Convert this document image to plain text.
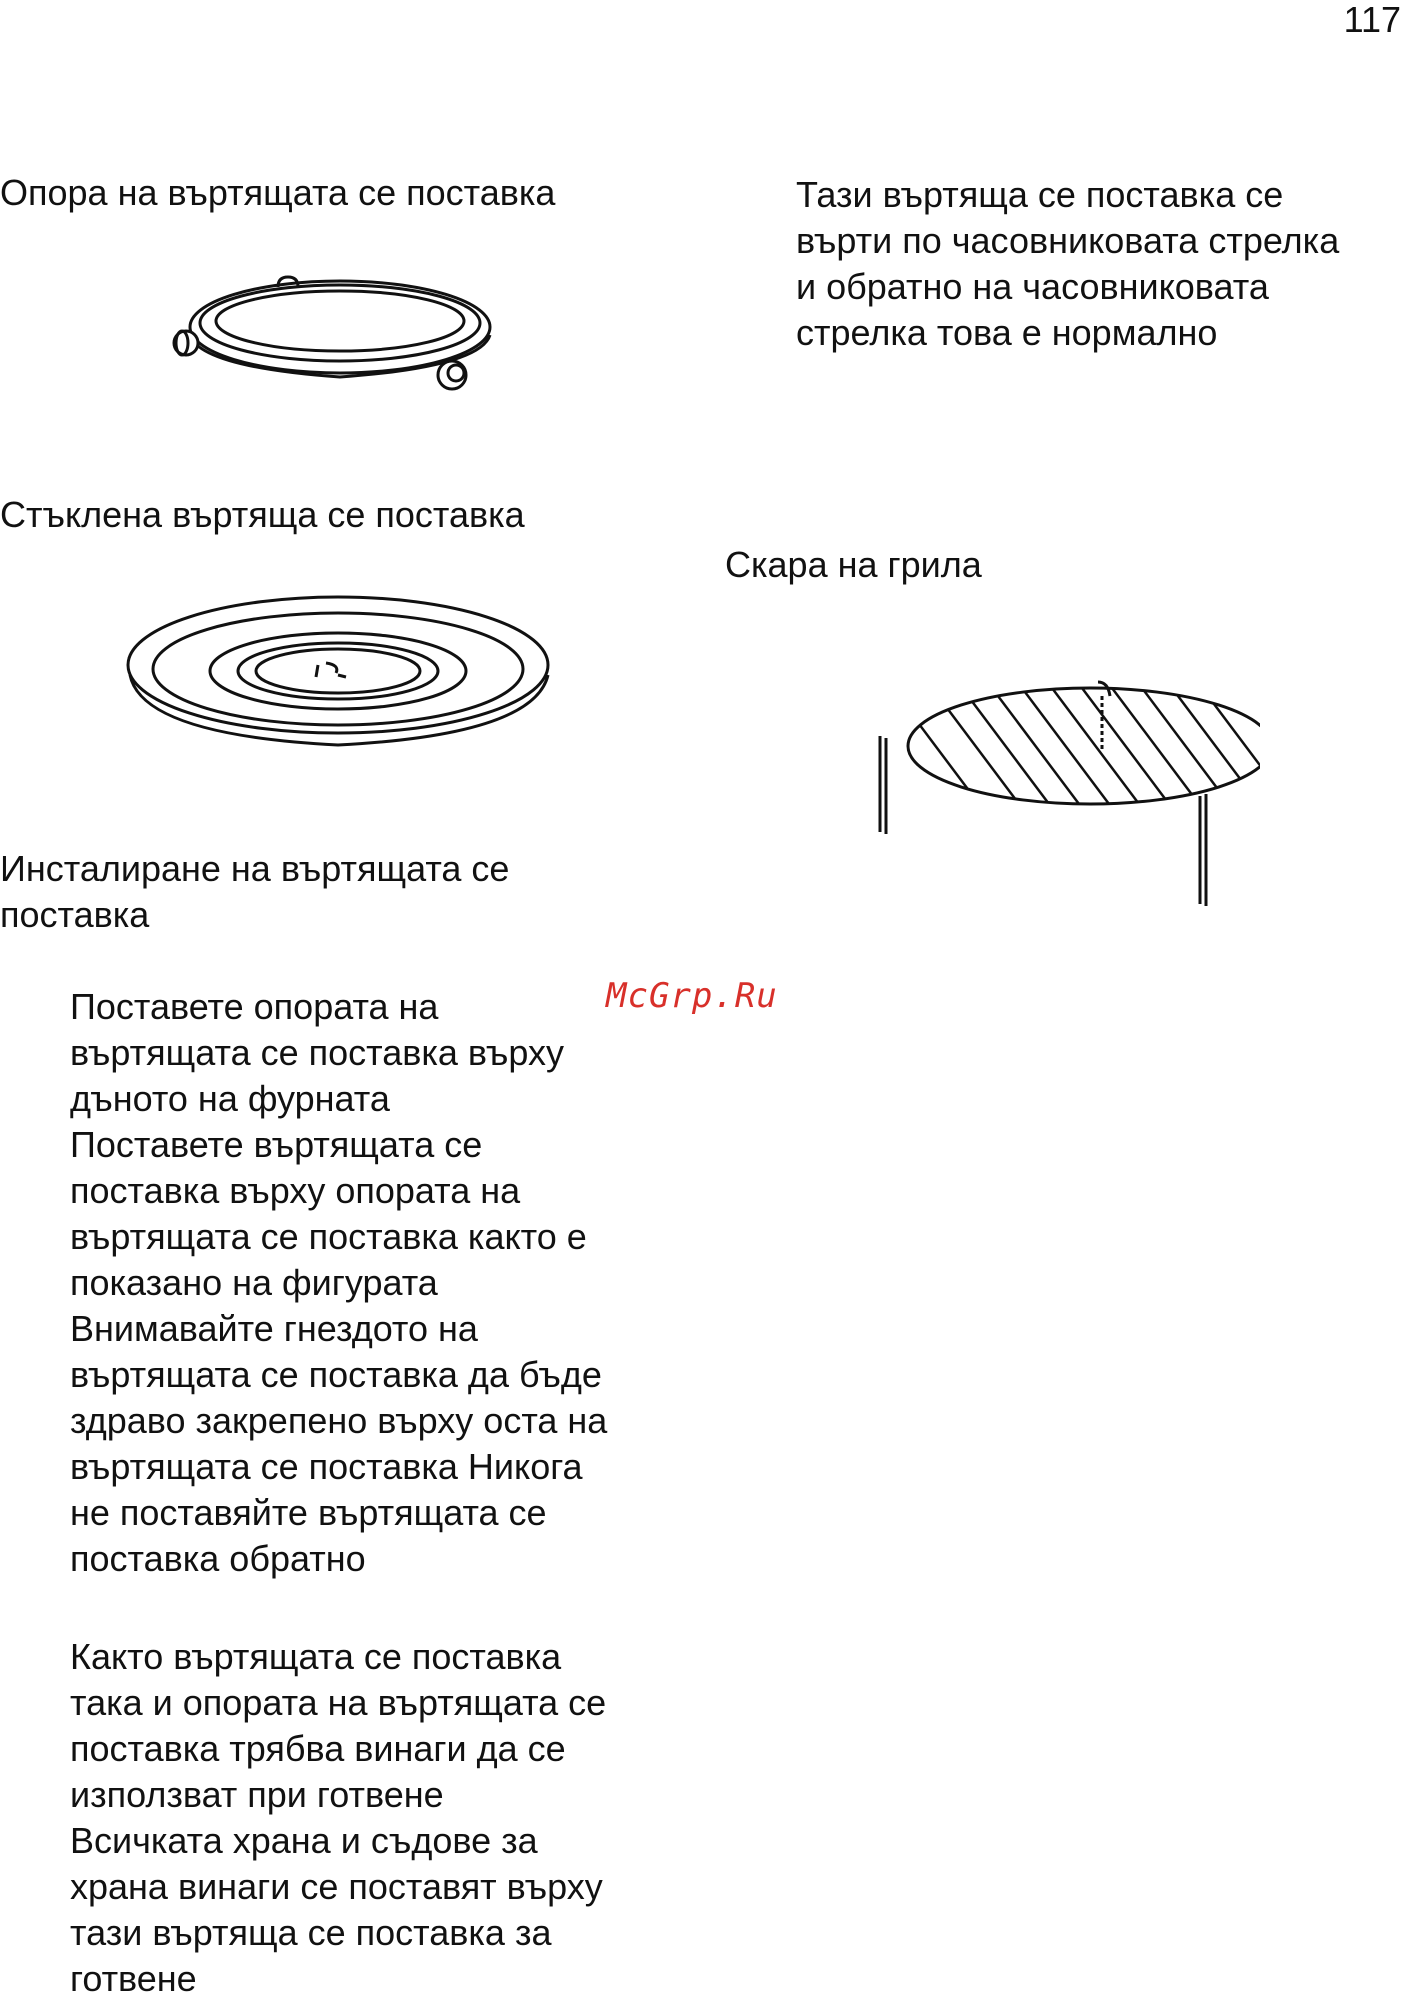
117
Опора на въртящата се поставка	Тази въртяща се поставка се
върти по часовниковата стрелка
и обратно на часовниковата
стрелка това е нормално
Стъклена въртяща се поставка
Скара на грила
Инсталиране на въртящата се
поставка
McGrp.Ru

Поставете опората на
въртящата се поставка върху
дъното на фурната

Поставете въртящата се
поставка върху опората на
въртящата се поставка както е
показано на фигурата

Внимавайте гнездото на
въртящата се поставка да бъде
здраво закрепено върху оста на
въртящата се поставка Никога
не поставяйте въртящата се
поставка обратно

Както въртящата се поставка
така и опората на въртящата се
поставка трябва винаги да се
използват при готвене

Всичката храна и съдове за
храна винаги се поставят върху
тази въртяща се поставка за
готвене
